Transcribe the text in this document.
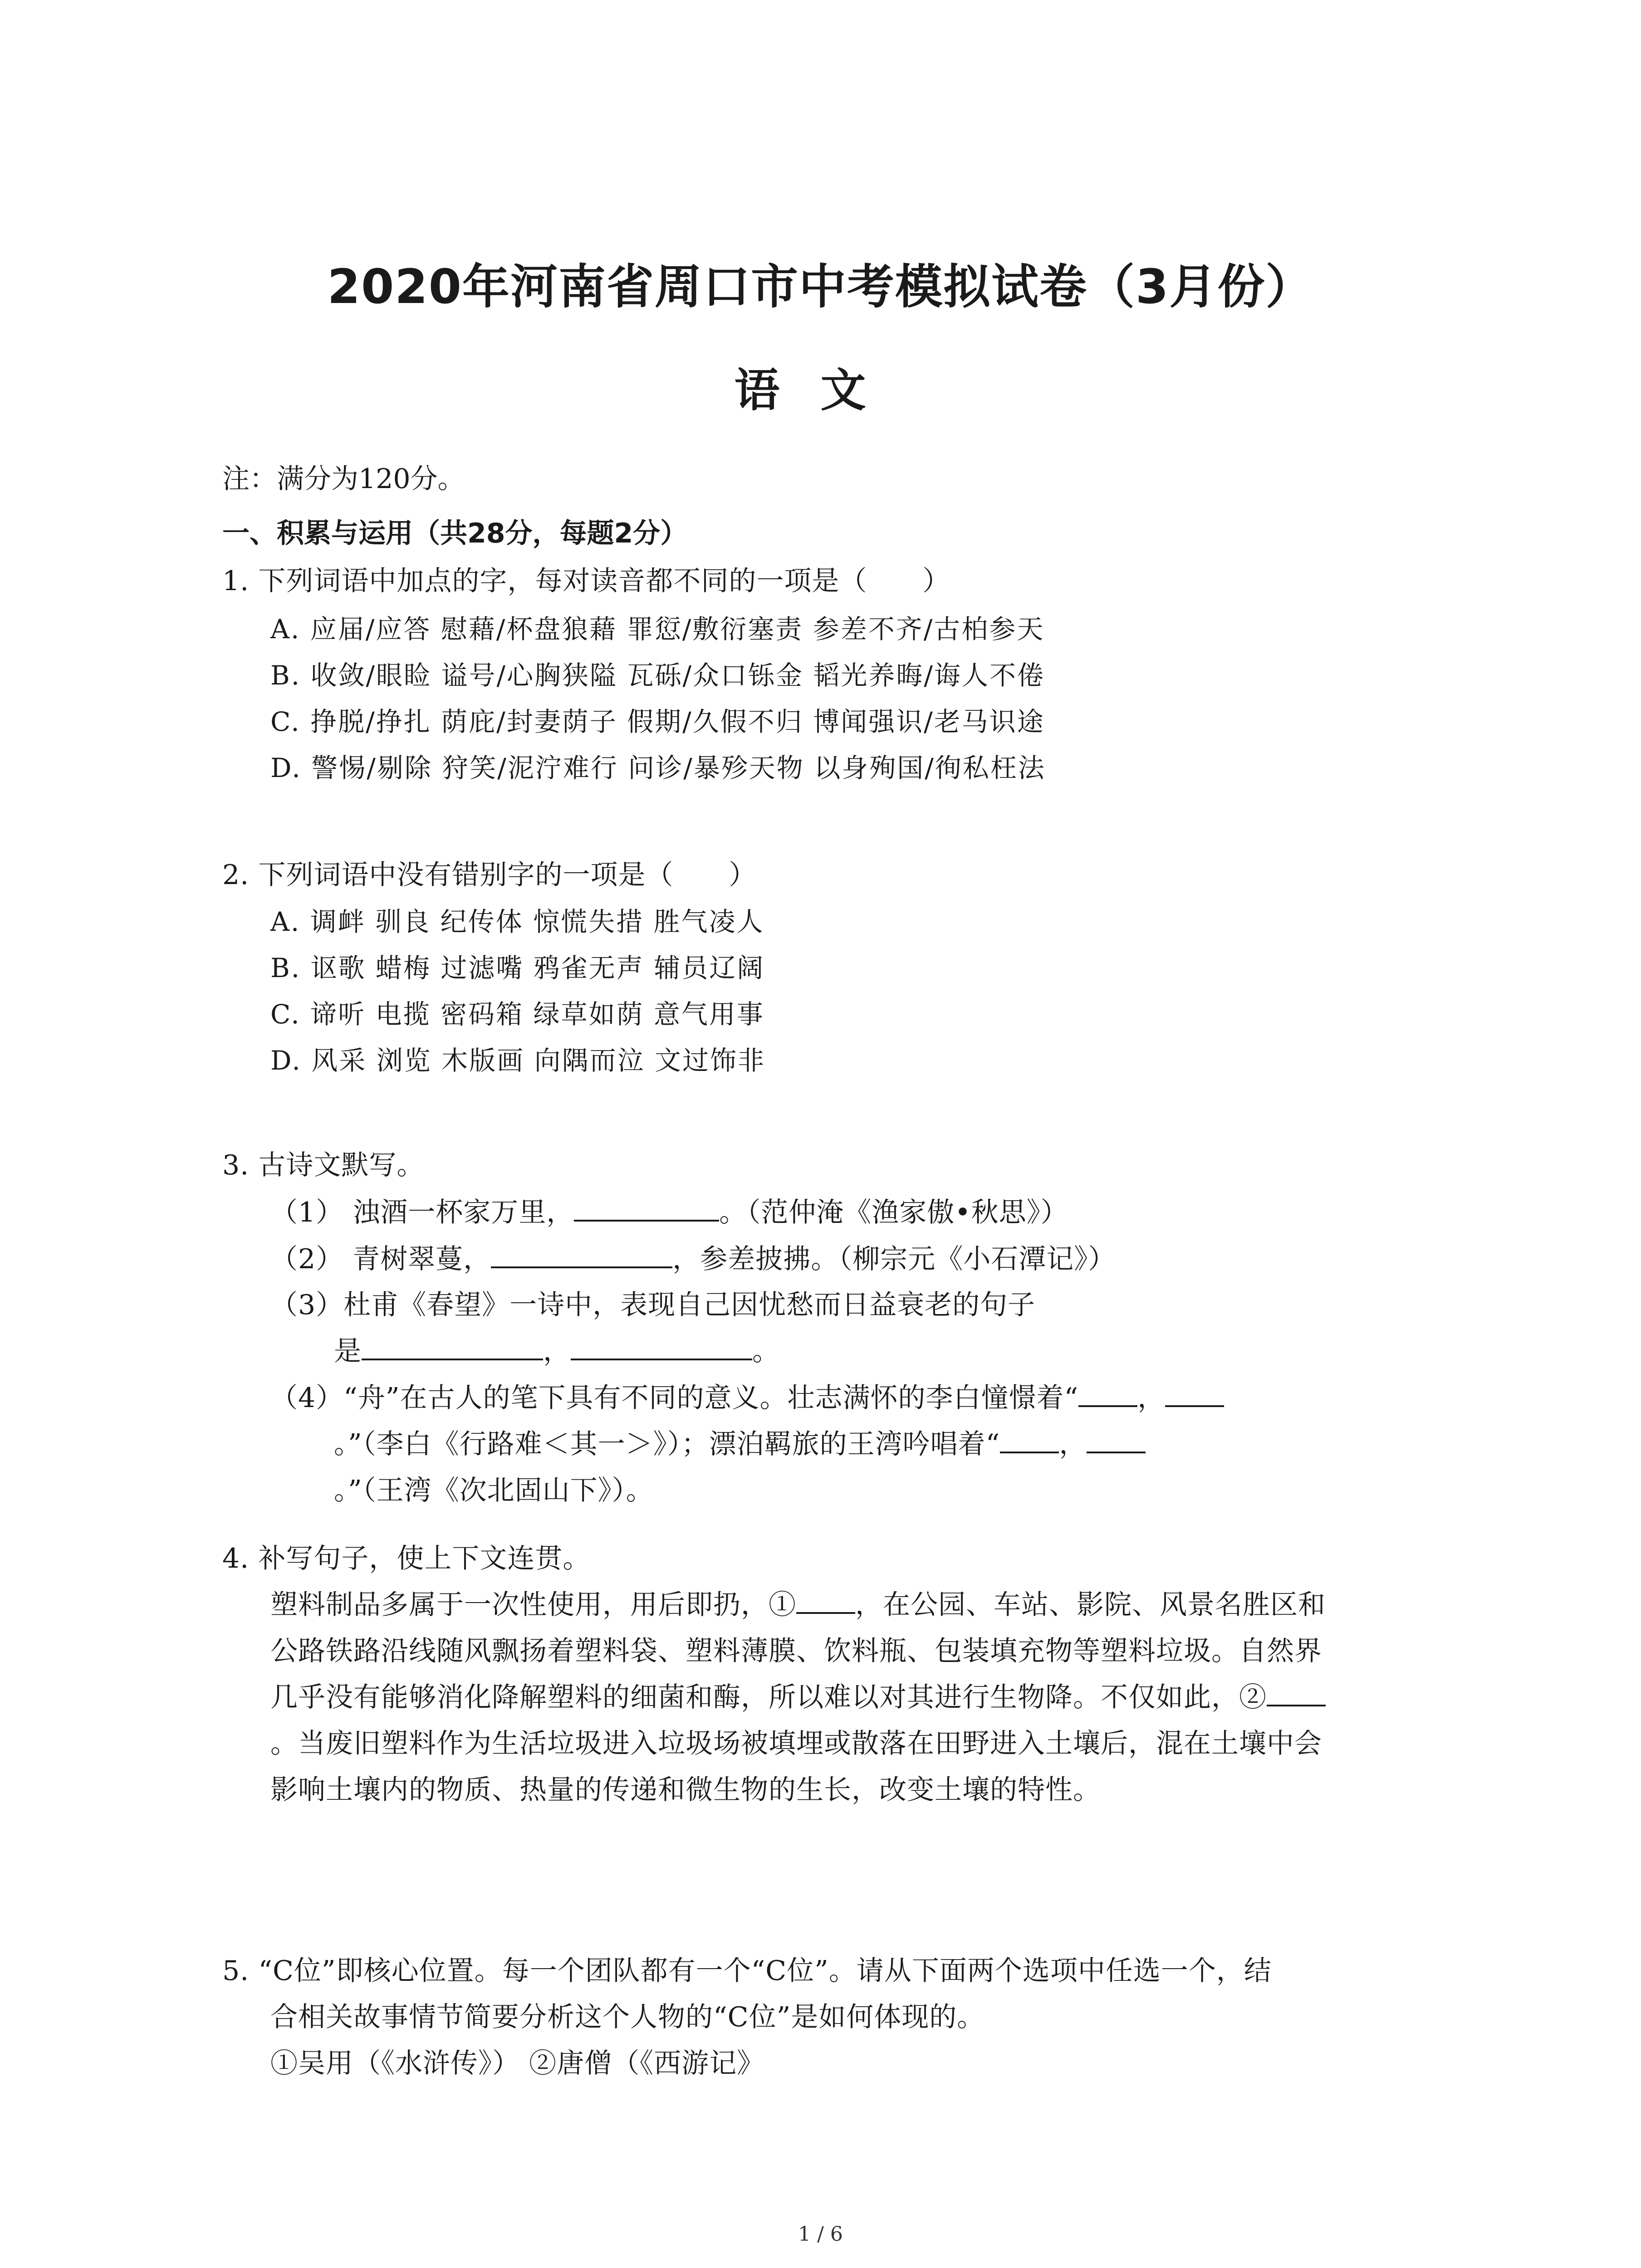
2020年河南省周口市中考模拟试卷（3月份）
语文
注：满分为120分。
一、积累与运用（共28分，每题2分）
1. 下列词语中加点的字，每对读音都不同的一项是（　　）
A. 应届/应答 慰藉/杯盘狼藉 罪愆/敷衍塞责 参差不齐/古柏参天
B. 收敛/眼睑 谥号/心胸狭隘 瓦砾/众口铄金 韬光养晦/诲人不倦
C. 挣脱/挣扎 荫庇/封妻荫子 假期/久假不归 博闻强识/老马识途
D. 警惕/剔除 狩笑/泥泞难行 问诊/暴殄天物 以身殉国/徇私枉法
2. 下列词语中没有错别字的一项是（　　）
A. 调衅 驯良 纪传体 惊慌失措 胜气凌人
B. 讴歌 蜡梅 过滤嘴 鸦雀无声 辅员辽阔
C. 谛听 电揽 密码箱 绿草如荫 意气用事
D. 风采 浏览 木版画 向隅而泣 文过饰非
3. 古诗文默写。
（1） 浊酒一杯家万里，	。（范仲淹《渔家傲•秋思》）
（2） 青树翠蔓，	，参差披拂。（柳宗元《小石潭记》）
（3）杜甫《春望》一诗中，表现自己因忧愁而日益衰老的句子
是	，	。
（4）“舟”在古人的笔下具有不同的意义。壮志满怀的李白憧憬着“ ，
。”（李白《行路难＜其一＞》）；漂泊羁旅的王湾吟唱着“ ，
。”（王湾《次北固山下》）。
4. 补写句子，使上下文连贯。
塑料制品多属于一次性使用，用后即扔，① ，在公园、车站、影院、风景名胜区和
公路铁路沿线随风飘扬着塑料袋、塑料薄膜、饮料瓶、包装填充物等塑料垃圾。自然界
几乎没有能够消化降解塑料的细菌和酶，所以难以对其进行生物降。不仅如此，②
。当废旧塑料作为生活垃圾进入垃圾场被填埋或散落在田野进入土壤后，混在土壤中会
影响土壤内的物质、热量的传递和微生物的生长，改变土壤的特性。
5. “C位”即核心位置。每一个团队都有一个“C位”。请从下面两个选项中任选一个，结
合相关故事情节简要分析这个人物的“C位”是如何体现的。
①吴用（《水浒传》） ②唐僧（《西游记》
1 / 6
